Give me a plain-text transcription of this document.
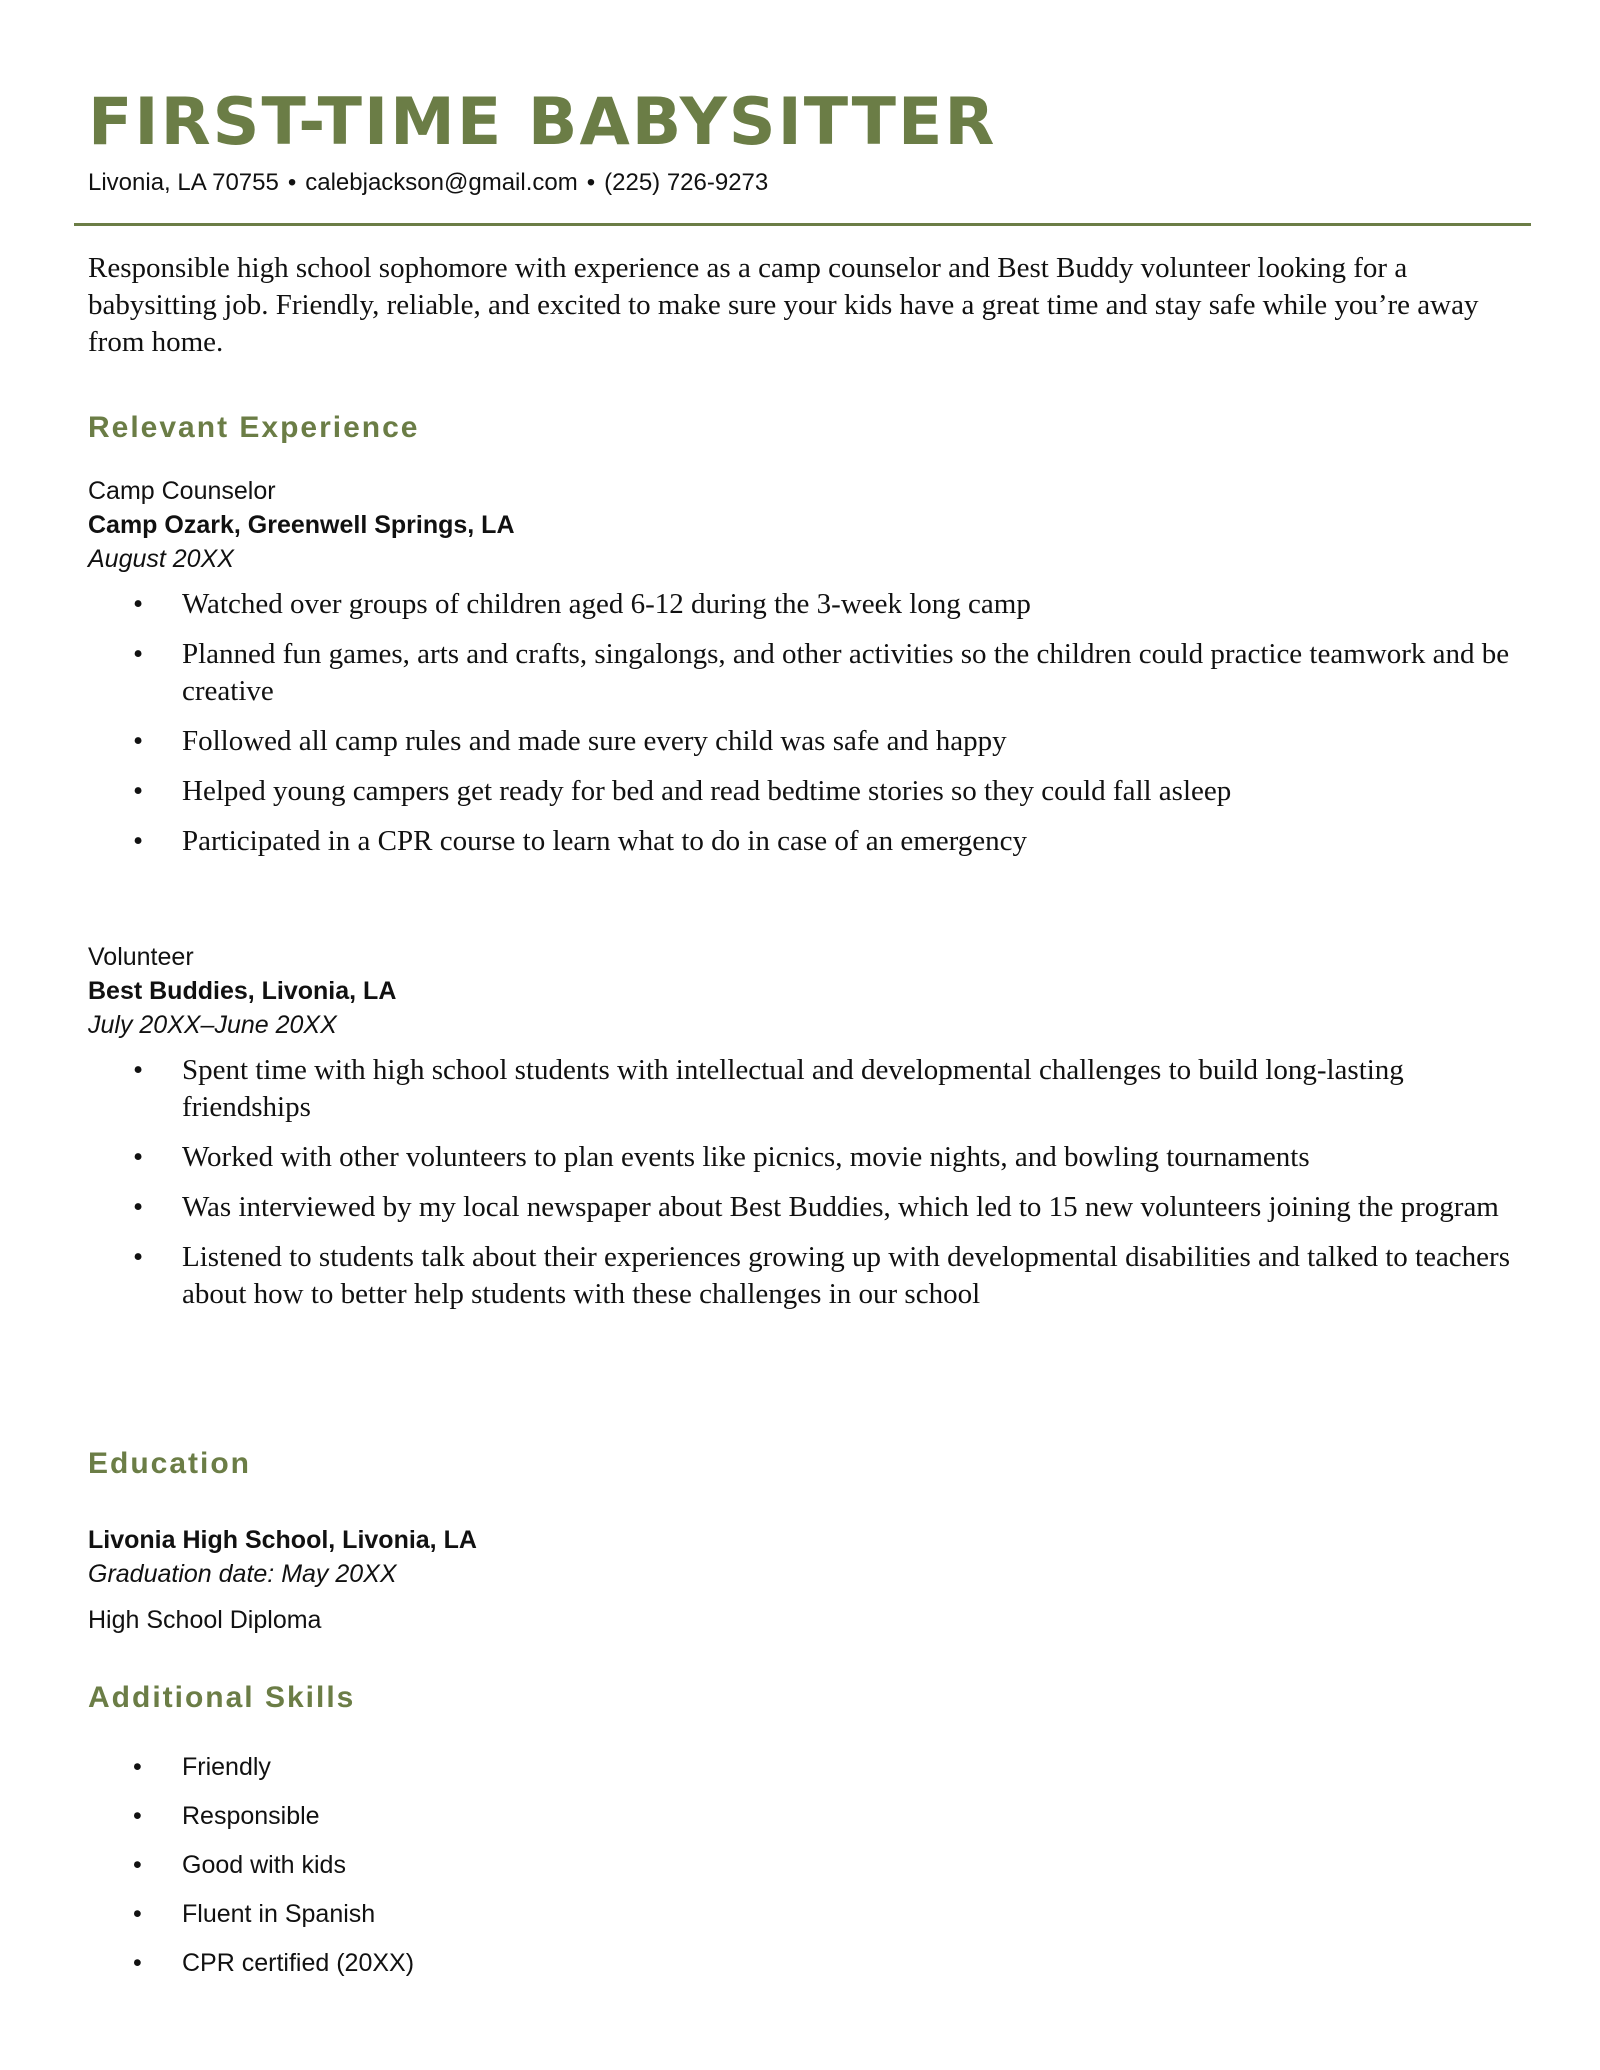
FIRST-TIME BABYSITTER
Livonia, LA 70755 • calebjackson@gmail.com • (225) 726-9273

Responsible high school sophomore with experience as a camp counselor and Best Buddy volunteer looking for a babysitting job. Friendly, reliable, and excited to make sure your kids have a great time and stay safe while you’re away from home.

Relevant Experience
Camp Counselor
Camp Ozark, Greenwell Springs, LA
August 20XX
• Watched over groups of children aged 6-12 during the 3-week long camp
• Planned fun games, arts and crafts, singalongs, and other activities so the children could practice teamwork and be creative
• Followed all camp rules and made sure every child was safe and happy
• Helped young campers get ready for bed and read bedtime stories so they could fall asleep
• Participated in a CPR course to learn what to do in case of an emergency
Volunteer
Best Buddies, Livonia, LA
July 20XX–June 20XX
• Spent time with high school students with intellectual and developmental challenges to build long-lasting friendships
• Worked with other volunteers to plan events like picnics, movie nights, and bowling tournaments
• Was interviewed by my local newspaper about Best Buddies, which led to 15 new volunteers joining the program
• Listened to students talk about their experiences growing up with developmental disabilities and talked to teachers about how to better help students with these challenges in our school
Education
Livonia High School, Livonia, LA
Graduation date: May 20XX
High School Diploma
Additional Skills
• Friendly
• Responsible
• Good with kids
• Fluent in Spanish
• CPR certified (20XX)
